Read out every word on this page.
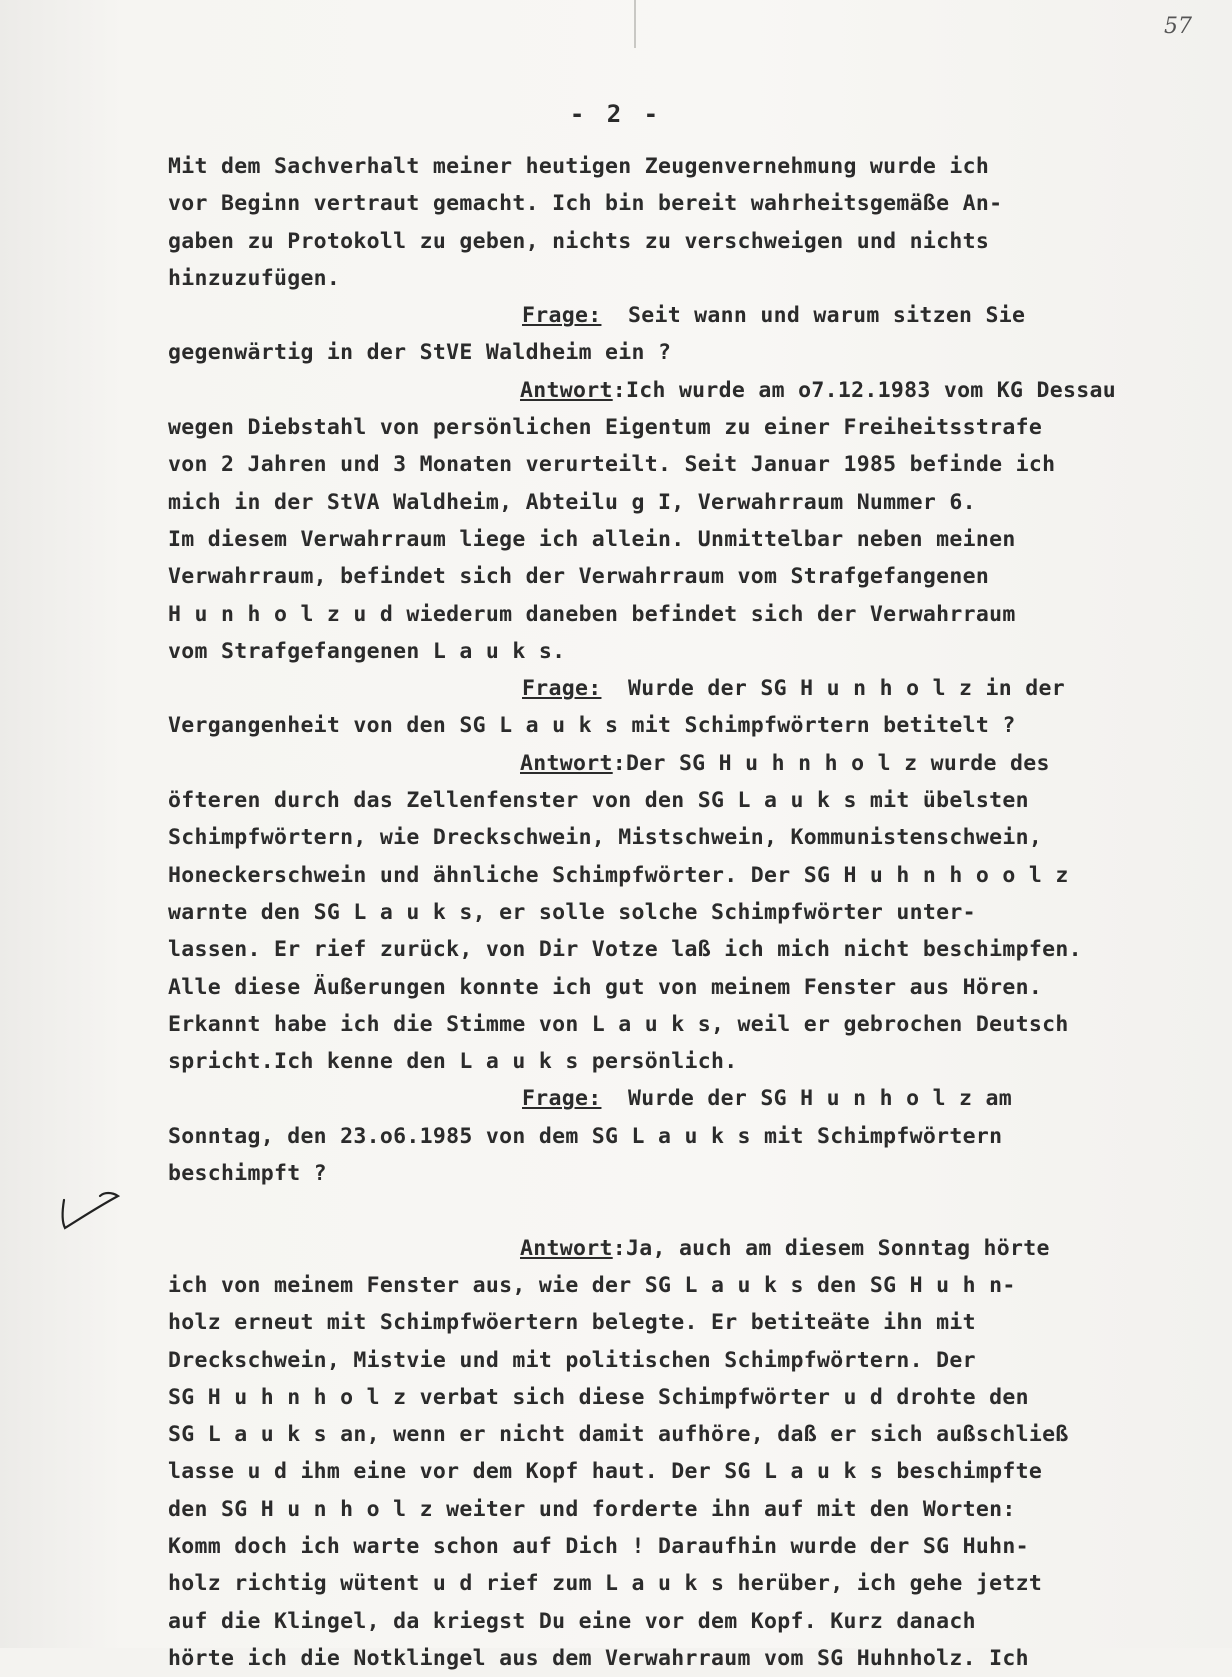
57
- 2 -
Mit dem Sachverhalt meiner heutigen Zeugenvernehmung wurde ich
vor Beginn vertraut gemacht. Ich bin bereit wahrheitsgemäße An-
gaben zu Protokoll zu geben, nichts zu verschweigen und nichts
hinzuzufügen.
Frage:  Seit wann und warum sitzen Sie
gegenwärtig in der StVE Waldheim ein ?
Antwort:Ich wurde am o7.12.1983 vom KG Dessau
wegen Diebstahl von persönlichen Eigentum zu einer Freiheitsstrafe
von 2 Jahren und 3 Monaten verurteilt. Seit Januar 1985 befinde ich
mich in der StVA Waldheim, Abteilu g I, Verwahrraum Nummer 6.
Im diesem Verwahrraum liege ich allein. Unmittelbar neben meinen
Verwahrraum, befindet sich der Verwahrraum vom Strafgefangenen
H u n h o l z u d wiederum daneben befindet sich der Verwahrraum
vom Strafgefangenen L a u k s.
Frage:  Wurde der SG H u n h o l z in der
Vergangenheit von den SG L a u k s mit Schimpfwörtern betitelt ?
Antwort:Der SG H u h n h o l z wurde des
öfteren durch das Zellenfenster von den SG L a u k s mit übelsten
Schimpfwörtern, wie Dreckschwein, Mistschwein, Kommunistenschwein,
Honeckerschwein und ähnliche Schimpfwörter. Der SG H u h n h o o l z
warnte den SG L a u k s, er solle solche Schimpfwörter unter-
lassen. Er rief zurück, von Dir Votze laß ich mich nicht beschimpfen.
Alle diese Äußerungen konnte ich gut von meinem Fenster aus Hören.
Erkannt habe ich die Stimme von L a u k s, weil er gebrochen Deutsch
spricht.Ich kenne den L a u k s persönlich.
Frage:  Wurde der SG H u n h o l z am
Sonntag, den 23.o6.1985 von dem SG L a u k s mit Schimpfwörtern
beschimpft ?
Antwort:Ja, auch am diesem Sonntag hörte
ich von meinem Fenster aus, wie der SG L a u k s den SG H u h n-
holz erneut mit Schimpfwöertern belegte. Er betiteäte ihn mit
Dreckschwein, Mistvie und mit politischen Schimpfwörtern. Der
SG H u h n h o l z verbat sich diese Schimpfwörter u d drohte den
SG L a u k s an, wenn er nicht damit aufhöre, daß er sich außschließ
lasse u d ihm eine vor dem Kopf haut. Der SG L a u k s beschimpfte
den SG H u n h o l z weiter und forderte ihn auf mit den Worten:
Komm doch ich warte schon auf Dich ! Daraufhin wurde der SG Huhn-
holz richtig wütent u d rief zum L a u k s herüber, ich gehe jetzt
auf die Klingel, da kriegst Du eine vor dem Kopf. Kurz danach
hörte ich die Notklingel aus dem Verwahrraum vom SG Huhnholz. Ich
